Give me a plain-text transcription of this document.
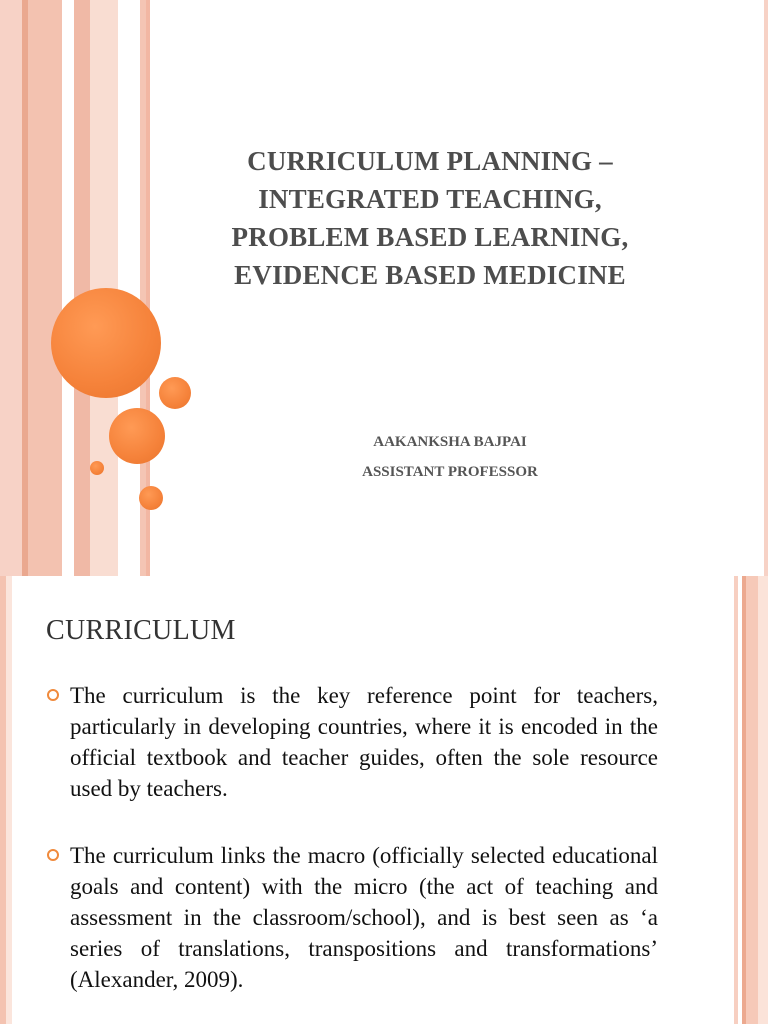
CURRICULUM PLANNING –
INTEGRATED TEACHING,
PROBLEM BASED LEARNING,
EVIDENCE BASED MEDICINE
AAKANKSHA BAJPAI
ASSISTANT PROFESSOR
CURRICULUM
The curriculum is the key reference point for teachers, particularly in developing countries, where it is encoded in the official textbook and teacher guides, often the sole resource used by teachers.
The curriculum links the macro (officially selected educational goals and content) with the micro (the act of teaching and assessment in the classroom/school), and is best seen as ‘a series of translations, transpositions and transformations’ (Alexander, 2009).
